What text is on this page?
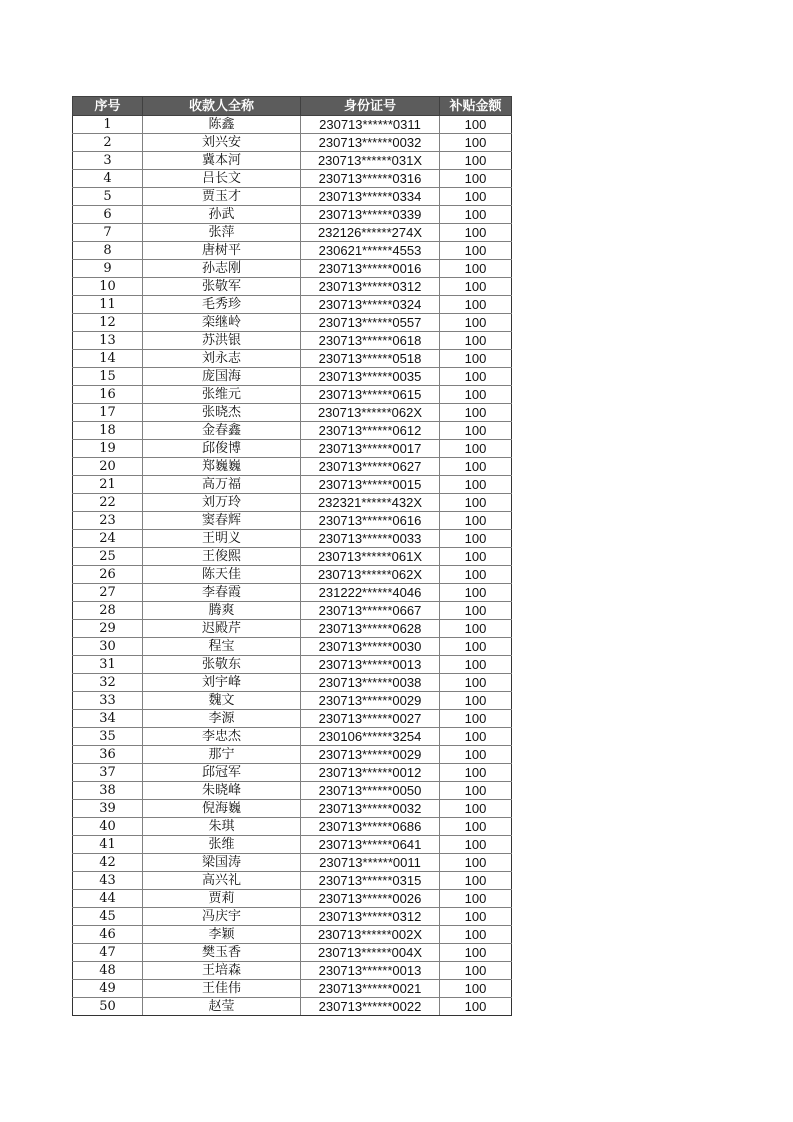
序号	收款人全称	身份证号	补贴金额
1	陈鑫	230713******0311	100
2	刘兴安	230713******0032	100
3	冀本河	230713******031X	100
4	吕长文	230713******0316	100
5	贾玉才	230713******0334	100
6	孙武	230713******0339	100
7	张萍	232126******274X	100
8	唐树平	230621******4553	100
9	孙志刚	230713******0016	100
10	张敬军	230713******0312	100
11	毛秀珍	230713******0324	100
12	栾继岭	230713******0557	100
13	苏洪银	230713******0618	100
14	刘永志	230713******0518	100
15	庞国海	230713******0035	100
16	张维元	230713******0615	100
17	张晓杰	230713******062X	100
18	金春鑫	230713******0612	100
19	邱俊博	230713******0017	100
20	郑巍巍	230713******0627	100
21	高万福	230713******0015	100
22	刘万玲	232321******432X	100
23	窦春辉	230713******0616	100
24	王明义	230713******0033	100
25	王俊熙	230713******061X	100
26	陈天佳	230713******062X	100
27	李春霞	231222******4046	100
28	腾爽	230713******0667	100
29	迟殿芹	230713******0628	100
30	程宝	230713******0030	100
31	张敬东	230713******0013	100
32	刘宇峰	230713******0038	100
33	魏文	230713******0029	100
34	李源	230713******0027	100
35	李忠杰	230106******3254	100
36	那宁	230713******0029	100
37	邱冠军	230713******0012	100
38	朱晓峰	230713******0050	100
39	倪海巍	230713******0032	100
40	朱琪	230713******0686	100
41	张维	230713******0641	100
42	梁国涛	230713******0011	100
43	高兴礼	230713******0315	100
44	贾莉	230713******0026	100
45	冯庆宇	230713******0312	100
46	李颖	230713******002X	100
47	樊玉香	230713******004X	100
48	王培森	230713******0013	100
49	王佳伟	230713******0021	100
50	赵莹	230713******0022	100
